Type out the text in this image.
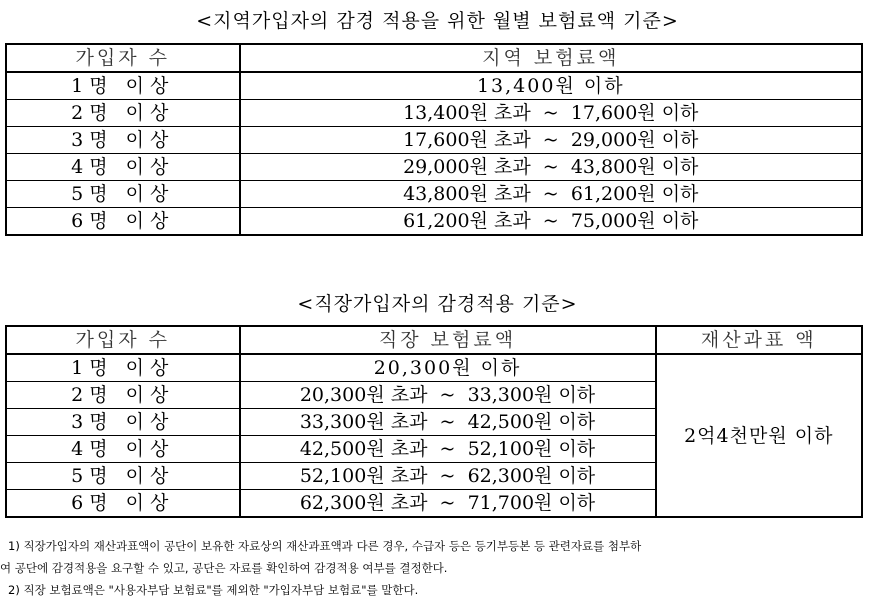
<지역가입자의 감경 적용을 위한 월별 보험료액 기준>
가입자 수	지역 보험료액
1명 이상	13,400원 이하
2명 이상	13,400원 초과 ~ 17,600원 이하
3명 이상	17,600원 초과 ~ 29,000원 이하
4명 이상	29,000원 초과 ~ 43,800원 이하
5명 이상	43,800원 초과 ~ 61,200원 이하
6명 이상	61,200원 초과 ~ 75,000원 이하
<직장가입자의 감경적용 기준>
가입자 수	직장 보험료액	재산과표 액
1명 이상	20,300원 이하	2억4천만원 이하
2명 이상	20,300원 초과 ~ 33,300원 이하	
3명 이상	33,300원 초과 ~ 42,500원 이하	
4명 이상	42,500원 초과 ~ 52,100원 이하	
5명 이상	52,100원 초과 ~ 62,300원 이하	
6명 이상	62,300원 초과 ~ 71,700원 이하	
1) 직장가입자의 재산과표액이 공단이 보유한 자료상의 재산과표액과 다른 경우, 수급자 등은 등기부등본 등 관련자료를 첨부하
여 공단에 감경적용을 요구할 수 있고, 공단은 자료를 확인하여 감경적용 여부를 결정한다.
2) 직장 보험료액은 "사용자부담 보험료"를 제외한 "가입자부담 보험료"를 말한다.
